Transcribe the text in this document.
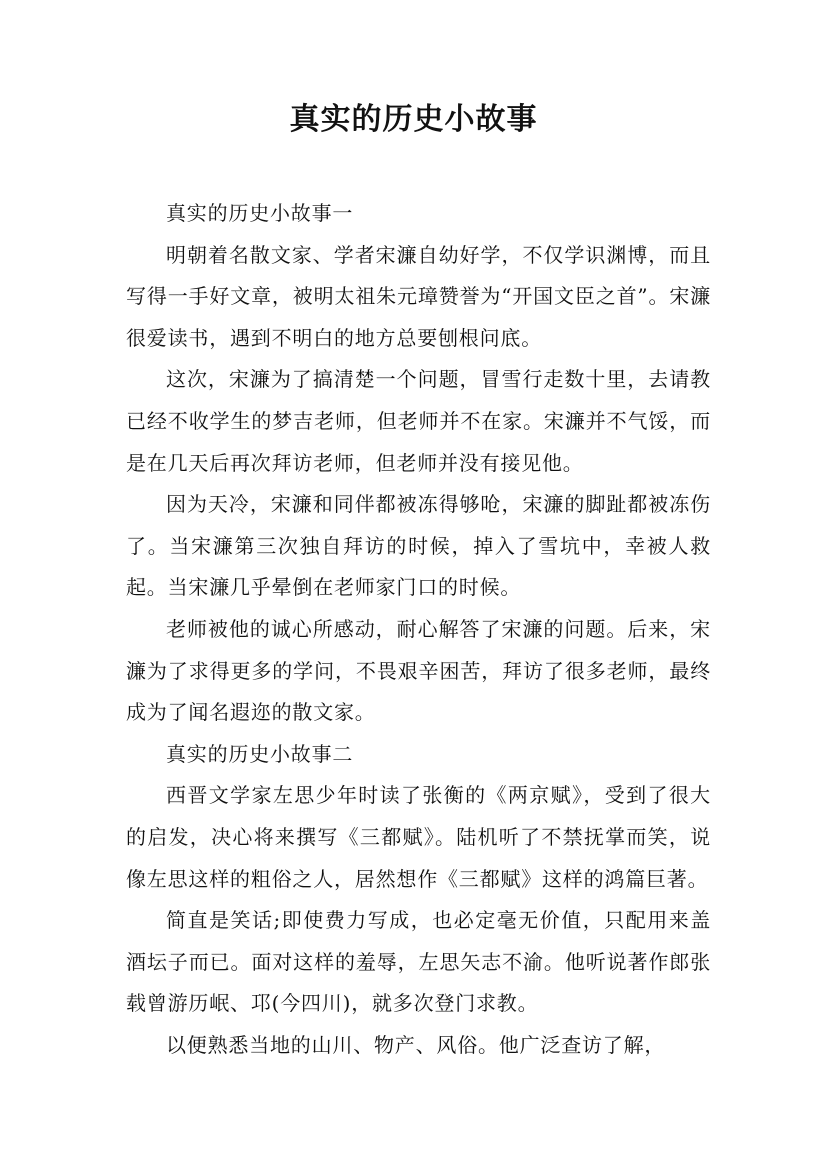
真实的历史小故事

真实的历史小故事一

明朝着名散文家、学者宋濂自幼好学，不仅学识渊博，而且写得一手好文章，被明太祖朱元璋赞誉为“开国文臣之首”。宋濂很爱读书，遇到不明白的地方总要刨根问底。

这次，宋濂为了搞清楚一个问题，冒雪行走数十里，去请教已经不收学生的梦吉老师，但老师并不在家。宋濂并不气馁，而是在几天后再次拜访老师，但老师并没有接见他。

因为天冷，宋濂和同伴都被冻得够呛，宋濂的脚趾都被冻伤了。当宋濂第三次独自拜访的时候，掉入了雪坑中，幸被人救起。当宋濂几乎晕倒在老师家门口的时候。

老师被他的诚心所感动，耐心解答了宋濂的问题。后来，宋濂为了求得更多的学问，不畏艰辛困苦，拜访了很多老师，最终成为了闻名遐迩的散文家。

真实的历史小故事二

西晋文学家左思少年时读了张衡的《两京赋》，受到了很大的启发，决心将来撰写《三都赋》。陆机听了不禁抚掌而笑，说像左思这样的粗俗之人，居然想作《三都赋》这样的鸿篇巨著。

简直是笑话;即使费力写成，也必定毫无价值，只配用来盖酒坛子而已。面对这样的羞辱，左思矢志不渝。他听说著作郎张载曾游历岷、邛(今四川)，就多次登门求教。

以便熟悉当地的山川、物产、风俗。他广泛查访了解，
